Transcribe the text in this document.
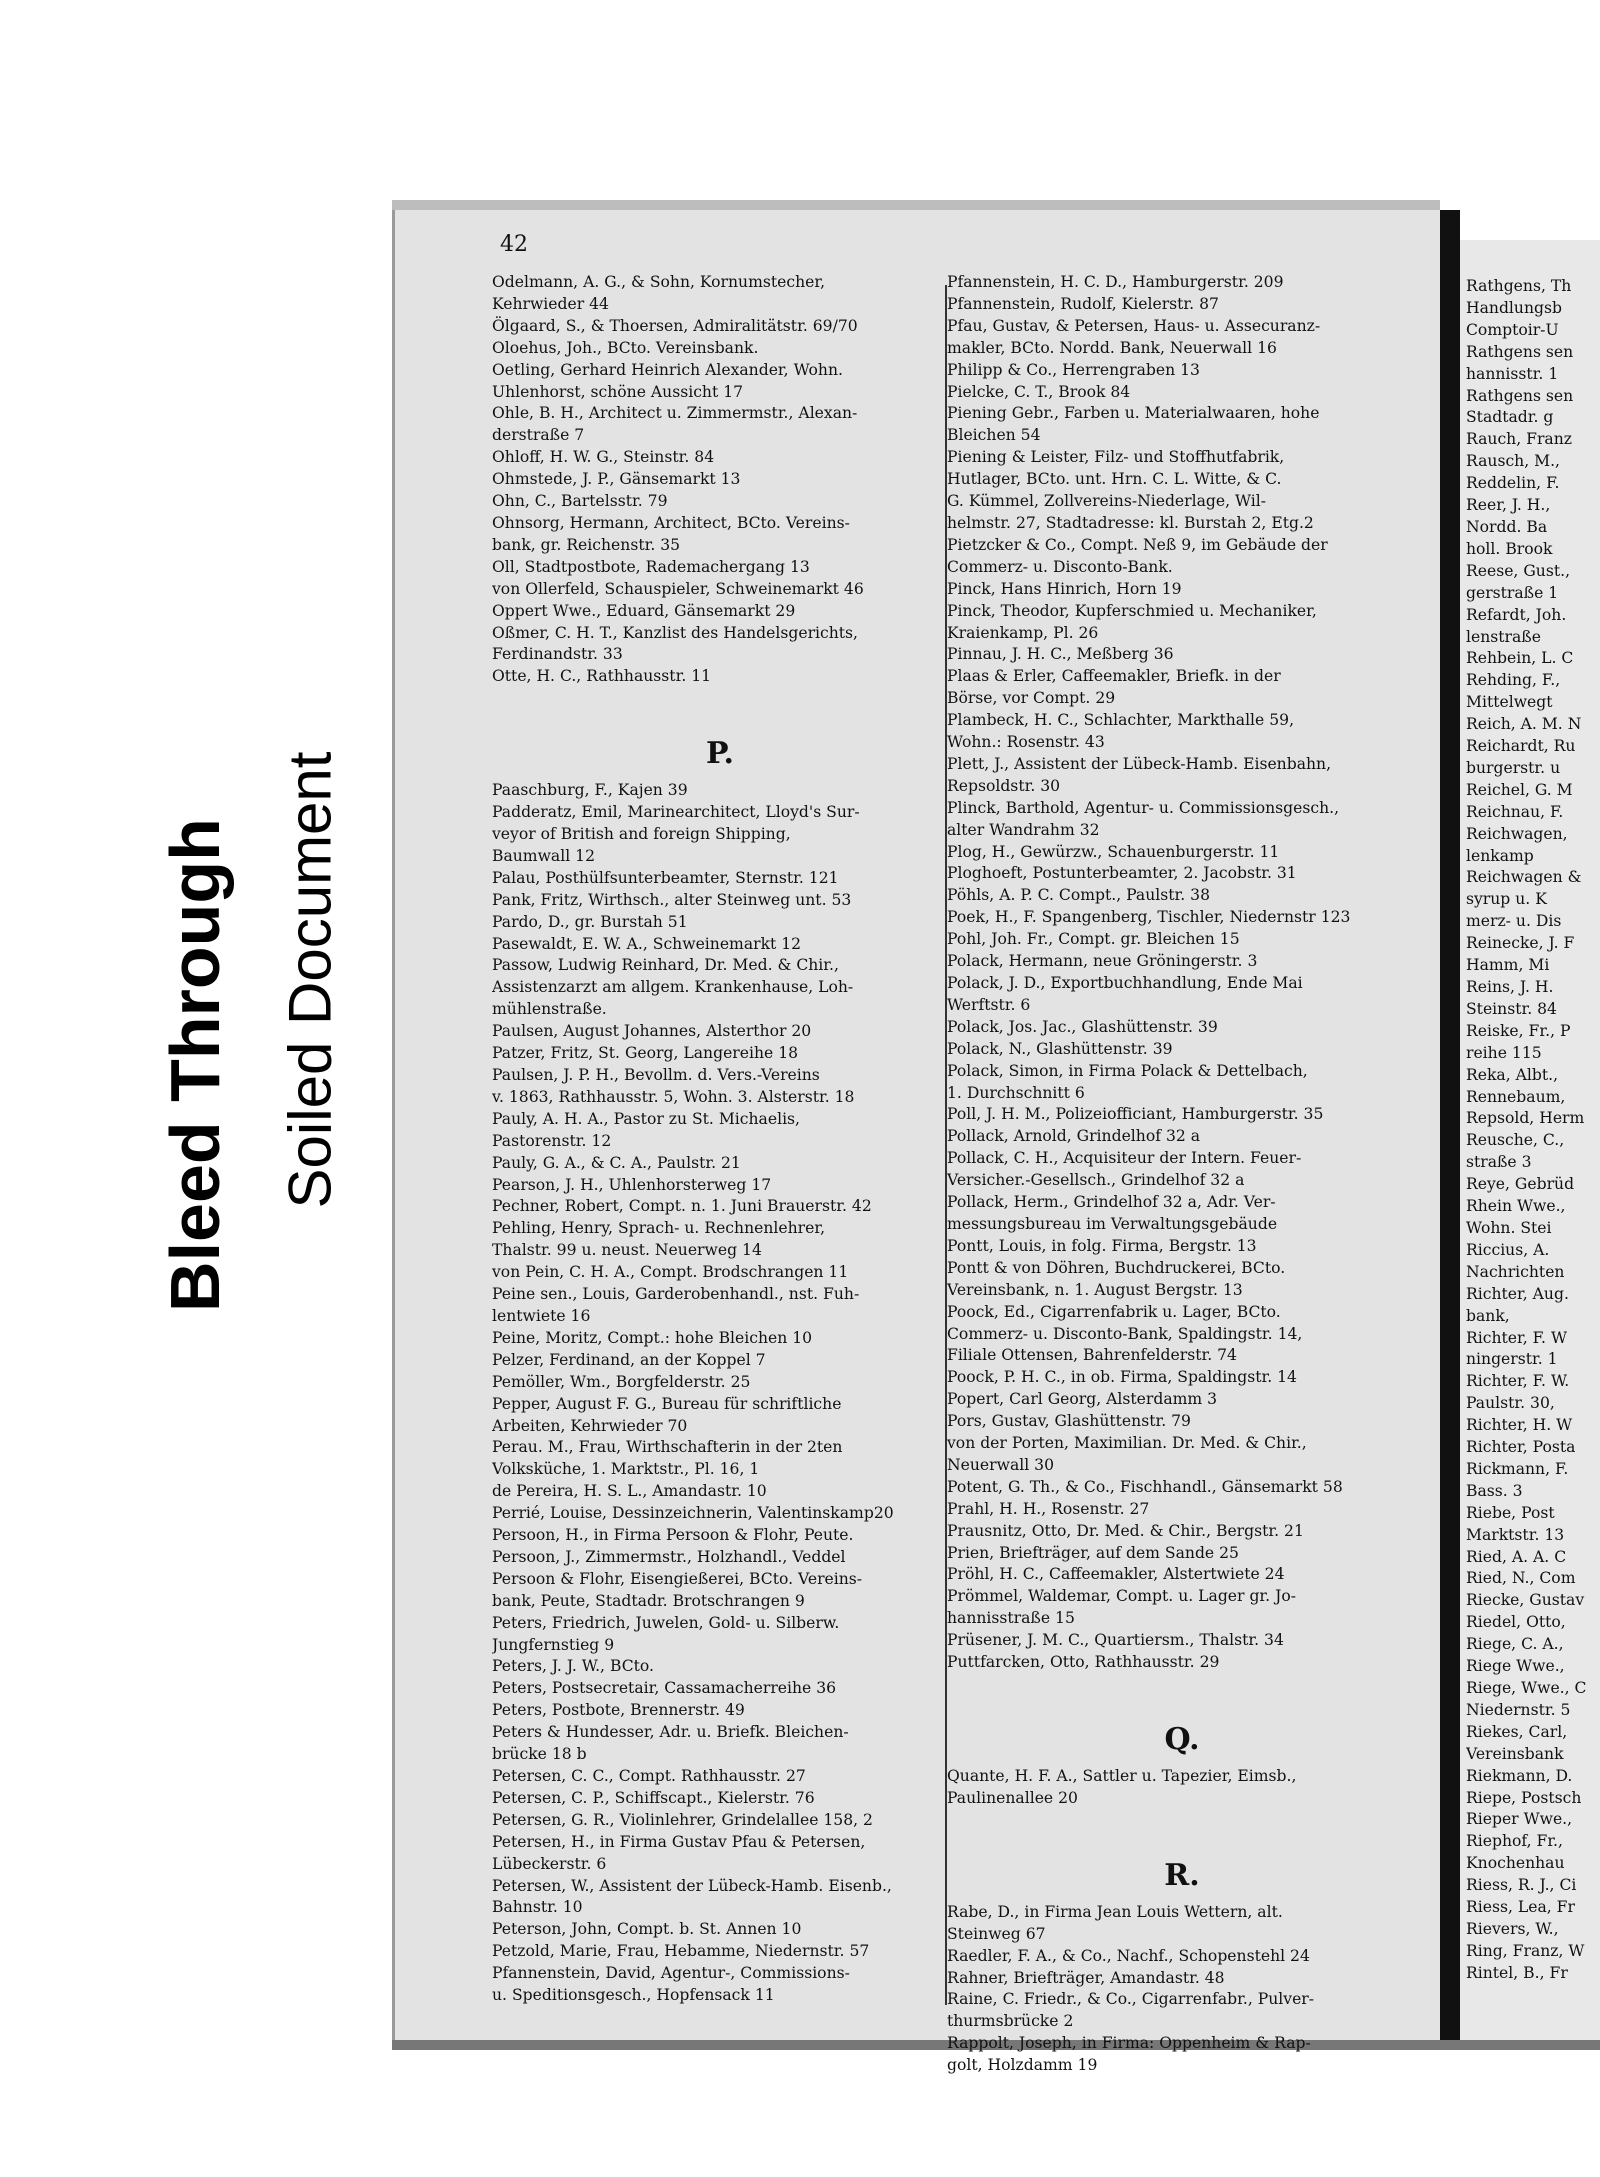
Bleed Through Soiled Document
Rathgens, Th
Handlungsb
Comptoir-U
Rathgens sen
hannisstr. 1
Rathgens sen
Stadtadr. g
Rauch, Franz
Rausch, M.,
Reddelin, F.
Reer, J. H.,
Nordd. Ba
holl. Brook
Reese, Gust.,
gerstraße 1
Refardt, Joh.
lenstraße
Rehbein, L. C
Rehding, F.,
Mittelwegt
Reich, A. M. N
Reichardt, Ru
burgerstr. u
Reichel, G. M
Reichnau, F.
Reichwagen,
lenkamp
Reichwagen &
syrup u. K
merz- u. Dis
Reinecke, J. F
Hamm, Mi
Reins, J. H.
Steinstr. 84
Reiske, Fr., P
reihe 115
Reka, Albt.,
Rennebaum,
Repsold, Herm
Reusche, C.,
straße 3
Reye, Gebrüd
Rhein Wwe.,
Wohn. Stei
Riccius, A.
Nachrichten
Richter, Aug.
bank,
Richter, F. W
ningerstr. 1
Richter, F. W.
Paulstr. 30,
Richter, H. W
Richter, Posta
Rickmann, F.
Bass. 3
Riebe, Post
Marktstr. 13
Ried, A. A. C
Ried, N., Com
Riecke, Gustav
Riedel, Otto,
Riege, C. A.,
Riege Wwe.,
Riege, Wwe., C
Niedernstr. 5
Riekes, Carl,
Vereinsbank
Riekmann, D.
Riepe, Postsch
Rieper Wwe.,
Riephof, Fr.,
Knochenhau
Riess, R. J., Ci
Riess, Lea, Fr
Rievers, W.,
Ring, Franz, W
Rintel, B., Fr
42
Odelmann, A. G., & Sohn, Kornumstecher,
Kehrwieder 44
Ölgaard, S., & Thoersen, Admiralitätstr. 69/70
Oloehus, Joh., BCto. Vereinsbank.
Oetling, Gerhard Heinrich Alexander, Wohn.
Uhlenhorst, schöne Aussicht 17
Ohle, B. H., Architect u. Zimmermstr., Alexan-
derstraße 7
Ohloff, H. W. G., Steinstr. 84
Ohmstede, J. P., Gänsemarkt 13
Ohn, C., Bartelsstr. 79
Ohnsorg, Hermann, Architect, BCto. Vereins-
bank, gr. Reichenstr. 35
Oll, Stadtpostbote, Rademachergang 13
von Ollerfeld, Schauspieler, Schweinemarkt 46
Oppert Wwe., Eduard, Gänsemarkt 29
Oßmer, C. H. T., Kanzlist des Handelsgerichts,
Ferdinandstr. 33
Otte, H. C., Rathhausstr. 11
P.
Paaschburg, F., Kajen 39
Padderatz, Emil, Marinearchitect, Lloyd's Sur-
veyor of British and foreign Shipping,
Baumwall 12
Palau, Posthülfsunterbeamter, Sternstr. 121
Pank, Fritz, Wirthsch., alter Steinweg unt. 53
Pardo, D., gr. Burstah 51
Pasewaldt, E. W. A., Schweinemarkt 12
Passow, Ludwig Reinhard, Dr. Med. & Chir.,
Assistenzarzt am allgem. Krankenhause, Loh-
mühlenstraße.
Paulsen, August Johannes, Alsterthor 20
Patzer, Fritz, St. Georg, Langereihe 18
Paulsen, J. P. H., Bevollm. d. Vers.-Vereins
v. 1863, Rathhausstr. 5, Wohn. 3. Alsterstr. 18
Pauly, A. H. A., Pastor zu St. Michaelis,
Pastorenstr. 12
Pauly, G. A., & C. A., Paulstr. 21
Pearson, J. H., Uhlenhorsterweg 17
Pechner, Robert, Compt. n. 1. Juni Brauerstr. 42
Pehling, Henry, Sprach- u. Rechnenlehrer,
Thalstr. 99 u. neust. Neuerweg 14
von Pein, C. H. A., Compt. Brodschrangen 11
Peine sen., Louis, Garderobenhandl., nst. Fuh-
lentwiete 16
Peine, Moritz, Compt.: hohe Bleichen 10
Pelzer, Ferdinand, an der Koppel 7
Pemöller, Wm., Borgfelderstr. 25
Pepper, August F. G., Bureau für schriftliche
Arbeiten, Kehrwieder 70
Perau. M., Frau, Wirthschafterin in der 2ten
Volksküche, 1. Marktstr., Pl. 16, 1
de Pereira, H. S. L., Amandastr. 10
Perrié, Louise, Dessinzeichnerin, Valentinskamp20
Persoon, H., in Firma Persoon & Flohr, Peute.
Persoon, J., Zimmermstr., Holzhandl., Veddel
Persoon & Flohr, Eisengießerei, BCto. Vereins-
bank, Peute, Stadtadr. Brotschrangen 9
Peters, Friedrich, Juwelen, Gold- u. Silberw.
Jungfernstieg 9
Peters, J. J. W., BCto.
Peters, Postsecretair, Cassamacherreihe 36
Peters, Postbote, Brennerstr. 49
Peters & Hundesser, Adr. u. Briefk. Bleichen-
brücke 18 b
Petersen, C. C., Compt. Rathhausstr. 27
Petersen, C. P., Schiffscapt., Kielerstr. 76
Petersen, G. R., Violinlehrer, Grindelallee 158, 2
Petersen, H., in Firma Gustav Pfau & Petersen,
Lübeckerstr. 6
Petersen, W., Assistent der Lübeck-Hamb. Eisenb.,
Bahnstr. 10
Peterson, John, Compt. b. St. Annen 10
Petzold, Marie, Frau, Hebamme, Niedernstr. 57
Pfannenstein, David, Agentur-, Commissions-
u. Speditionsgesch., Hopfensack 11
Pfannenstein, H. C. D., Hamburgerstr. 209
Pfannenstein, Rudolf, Kielerstr. 87
Pfau, Gustav, & Petersen, Haus- u. Assecuranz-
makler, BCto. Nordd. Bank, Neuerwall 16
Philipp & Co., Herrengraben 13
Pielcke, C. T., Brook 84
Piening Gebr., Farben u. Materialwaaren, hohe
Bleichen 54
Piening & Leister, Filz- und Stoffhutfabrik,
Hutlager, BCto. unt. Hrn. C. L. Witte, & C.
G. Kümmel, Zollvereins-Niederlage, Wil-
helmstr. 27, Stadtadresse: kl. Burstah 2, Etg.2
Pietzcker & Co., Compt. Neß 9, im Gebäude der
Commerz- u. Disconto-Bank.
Pinck, Hans Hinrich, Horn 19
Pinck, Theodor, Kupferschmied u. Mechaniker,
Kraienkamp, Pl. 26
Pinnau, J. H. C., Meßberg 36
Plaas & Erler, Caffeemakler, Briefk. in der
Börse, vor Compt. 29
Plambeck, H. C., Schlachter, Markthalle 59,
Wohn.: Rosenstr. 43
Plett, J., Assistent der Lübeck-Hamb. Eisenbahn,
Repsoldstr. 30
Plinck, Barthold, Agentur- u. Commissionsgesch.,
alter Wandrahm 32
Plog, H., Gewürzw., Schauenburgerstr. 11
Ploghoeft, Postunterbeamter, 2. Jacobstr. 31
Pöhls, A. P. C. Compt., Paulstr. 38
Poek, H., F. Spangenberg, Tischler, Niedernstr 123
Pohl, Joh. Fr., Compt. gr. Bleichen 15
Polack, Hermann, neue Gröningerstr. 3
Polack, J. D., Exportbuchhandlung, Ende Mai
Werftstr. 6
Polack, Jos. Jac., Glashüttenstr. 39
Polack, N., Glashüttenstr. 39
Polack, Simon, in Firma Polack & Dettelbach,
1. Durchschnitt 6
Poll, J. H. M., Polizeiofficiant, Hamburgerstr. 35
Pollack, Arnold, Grindelhof 32 a
Pollack, C. H., Acquisiteur der Intern. Feuer-
Versicher.-Gesellsch., Grindelhof 32 a
Pollack, Herm., Grindelhof 32 a, Adr. Ver-
messungsbureau im Verwaltungsgebäude
Pontt, Louis, in folg. Firma, Bergstr. 13
Pontt & von Döhren, Buchdruckerei, BCto.
Vereinsbank, n. 1. August Bergstr. 13
Poock, Ed., Cigarrenfabrik u. Lager, BCto.
Commerz- u. Disconto-Bank, Spaldingstr. 14,
Filiale Ottensen, Bahrenfelderstr. 74
Poock, P. H. C., in ob. Firma, Spaldingstr. 14
Popert, Carl Georg, Alsterdamm 3
Pors, Gustav, Glashüttenstr. 79
von der Porten, Maximilian. Dr. Med. & Chir.,
Neuerwall 30
Potent, G. Th., & Co., Fischhandl., Gänsemarkt 58
Prahl, H. H., Rosenstr. 27
Prausnitz, Otto, Dr. Med. & Chir., Bergstr. 21
Prien, Briefträger, auf dem Sande 25
Pröhl, H. C., Caffeemakler, Alstertwiete 24
Prömmel, Waldemar, Compt. u. Lager gr. Jo-
hannisstraße 15
Prüsener, J. M. C., Quartiersm., Thalstr. 34
Puttfarcken, Otto, Rathhausstr. 29
Q.
Quante, H. F. A., Sattler u. Tapezier, Eimsb.,
Paulinenallee 20
R.
Rabe, D., in Firma Jean Louis Wettern, alt.
Steinweg 67
Raedler, F. A., & Co., Nachf., Schopenstehl 24
Rahner, Briefträger, Amandastr. 48
Raine, C. Friedr., & Co., Cigarrenfabr., Pulver-
thurmsbrücke 2
Rappolt, Joseph, in Firma: Oppenheim & Rap-
golt, Holzdamm 19
